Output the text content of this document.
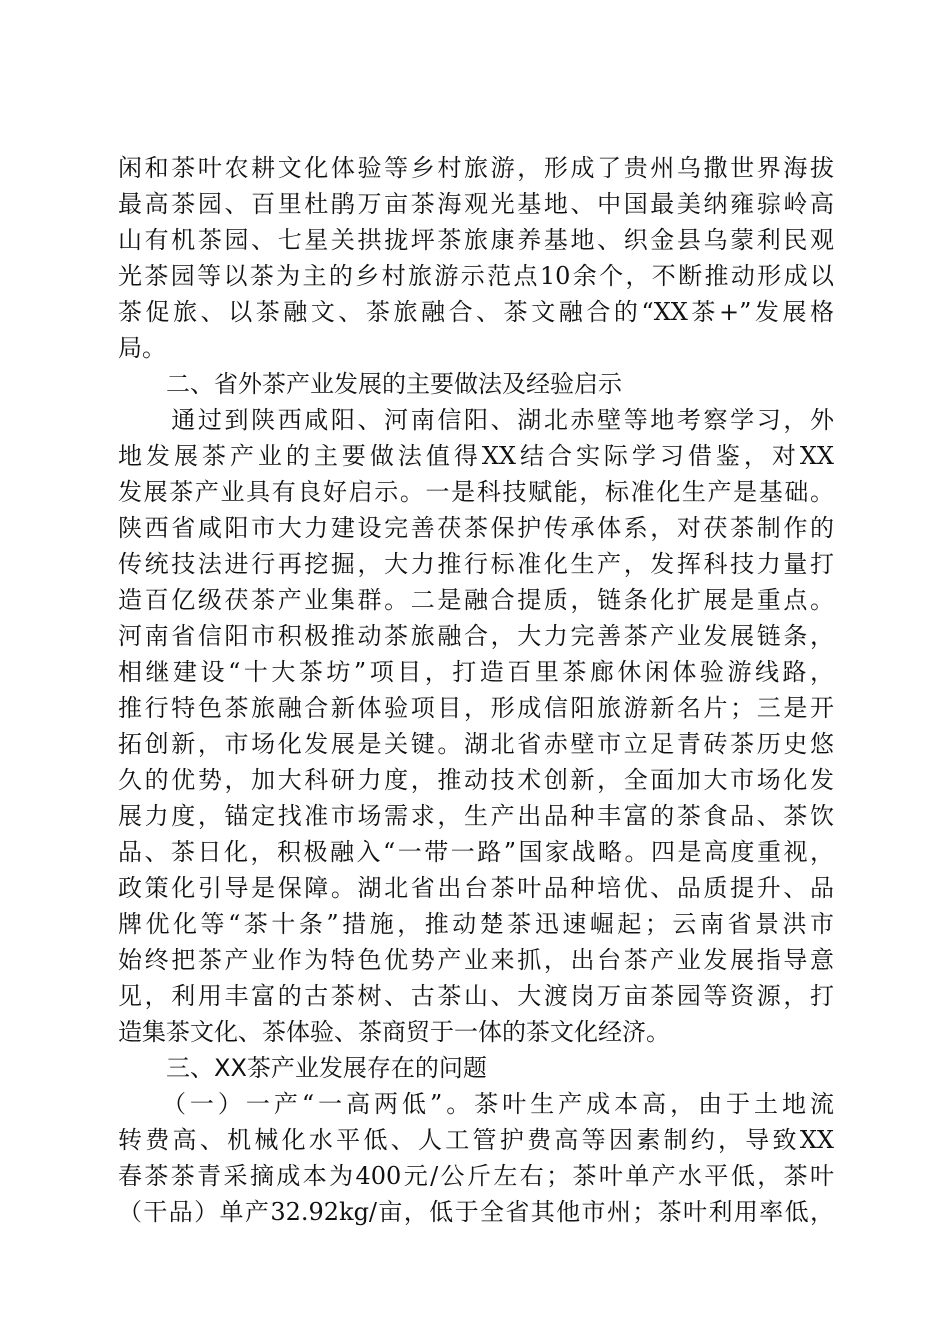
闲和茶叶农耕文化体验等乡村旅游，形成了贵州乌撒世界海拔
最高茶园、百里杜鹃万亩茶海观光基地、中国最美纳雍骔岭高
山有机茶园、七星关拱拢坪茶旅康养基地、织金县乌蒙利民观
光茶园等以茶为主的乡村旅游示范点10余个，不断推动形成以
茶促旅、以茶融文、茶旅融合、茶文融合的“XX茶+”发展格
局。
二、省外茶产业发展的主要做法及经验启示
　　通过到陕西咸阳、河南信阳、湖北赤壁等地考察学习，外
地发展茶产业的主要做法值得XX结合实际学习借鉴，对XX
发展茶产业具有良好启示。一是科技赋能，标准化生产是基础。
陕西省咸阳市大力建设完善茯茶保护传承体系，对茯茶制作的
传统技法进行再挖掘，大力推行标准化生产，发挥科技力量打
造百亿级茯茶产业集群。二是融合提质，链条化扩展是重点。
河南省信阳市积极推动茶旅融合，大力完善茶产业发展链条，
相继建设“十大茶坊”项目，打造百里茶廊休闲体验游线路，
推行特色茶旅融合新体验项目，形成信阳旅游新名片；三是开
拓创新，市场化发展是关键。湖北省赤壁市立足青砖茶历史悠
久的优势，加大科研力度，推动技术创新，全面加大市场化发
展力度，锚定找准市场需求，生产出品种丰富的茶食品、茶饮
品、茶日化，积极融入“一带一路”国家战略。四是高度重视，
政策化引导是保障。湖北省出台茶叶品种培优、品质提升、品
牌优化等“茶十条”措施，推动楚茶迅速崛起；云南省景洪市
始终把茶产业作为特色优势产业来抓，出台茶产业发展指导意
见，利用丰富的古茶树、古茶山、大渡岗万亩茶园等资源，打
造集茶文化、茶体验、茶商贸于一体的茶文化经济。
三、XX茶产业发展存在的问题
　　（一）一产“一高两低”。茶叶生产成本高，由于土地流
转费高、机械化水平低、人工管护费高等因素制约，导致XX
春茶茶青采摘成本为400元/公斤左右；茶叶单产水平低，茶叶
（干品）单产32.92kg/亩，低于全省其他市州；茶叶利用率低，
